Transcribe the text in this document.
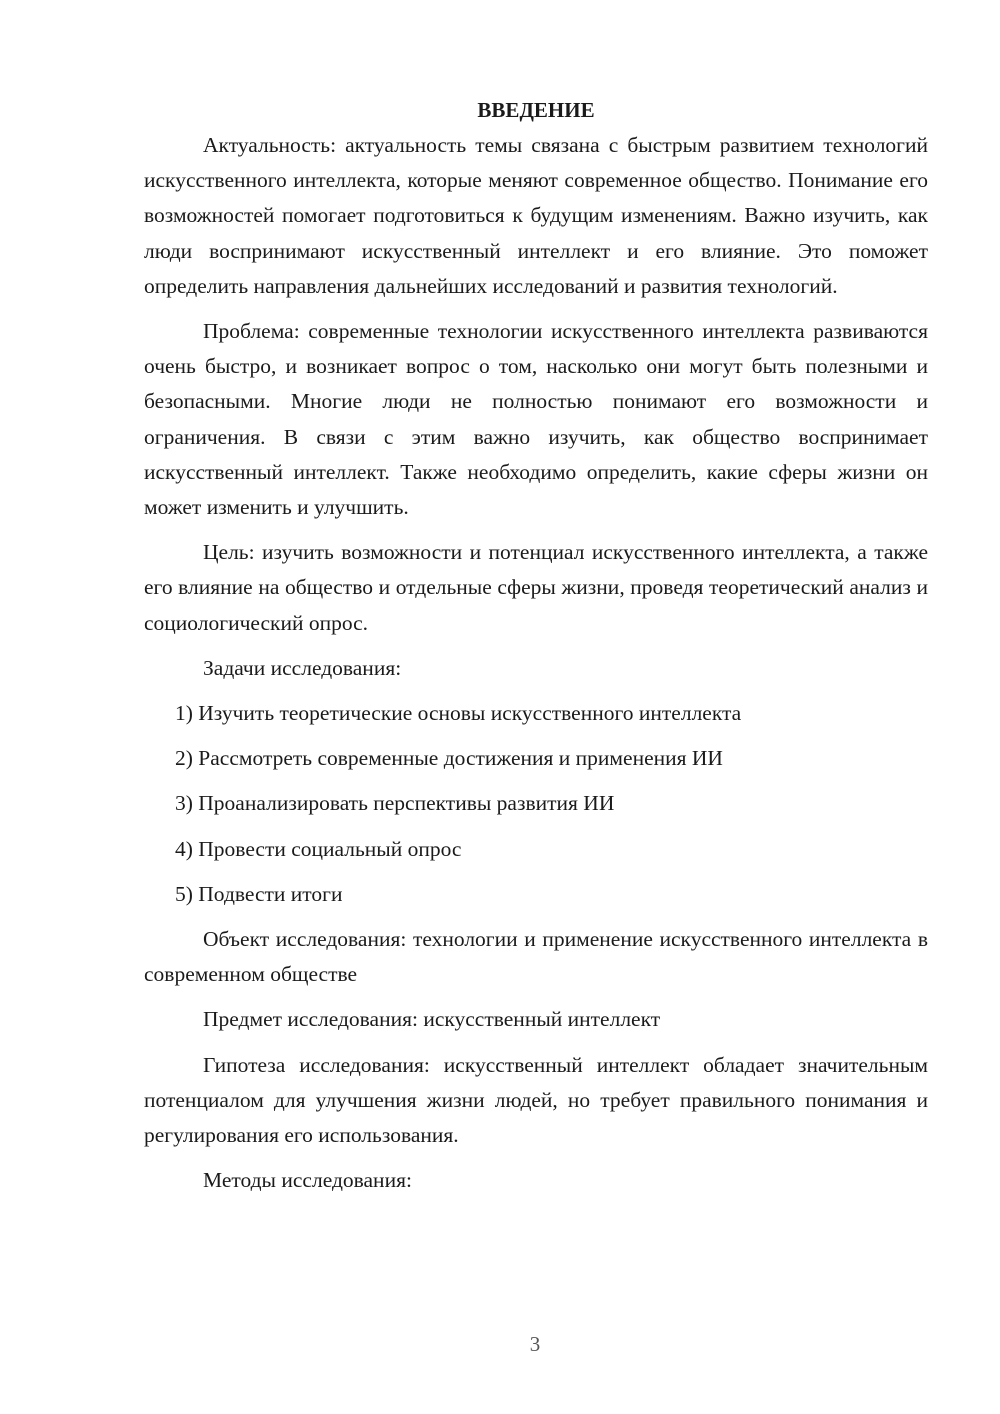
ВВЕДЕНИЕ

Актуальность: актуальность темы связана с быстрым развитием технологий искусственного интеллекта, которые меняют современное общество. Понимание его возможностей помогает подготовиться к будущим изменениям. Важно изучить, как люди воспринимают искусственный интеллект и его влияние. Это поможет определить направления дальнейших исследований и развития технологий.

Проблема: современные технологии искусственного интеллекта развиваются очень быстро, и возникает вопрос о том, насколько они могут быть полезными и безопасными. Многие люди не полностью понимают его возможности и ограничения. В связи с этим важно изучить, как общество воспринимает искусственный интеллект. Также необходимо определить, какие сферы жизни он может изменить и улучшить.

Цель: изучить возможности и потенциал искусственного интеллекта, а также его влияние на общество и отдельные сферы жизни, проведя теоретический анализ и социологический опрос.

Задачи исследования:

1) Изучить теоретические основы искусственного интеллекта
2) Рассмотреть современные достижения и применения ИИ
3) Проанализировать перспективы развития ИИ
4) Провести социальный опрос
5) Подвести итоги

Объект исследования: технологии и применение искусственного интеллекта в современном обществе

Предмет исследования: искусственный интеллект

Гипотеза исследования: искусственный интеллект обладает значительным потенциалом для улучшения жизни людей, но требует правильного понимания и регулирования его использования.

Методы исследования:

3
